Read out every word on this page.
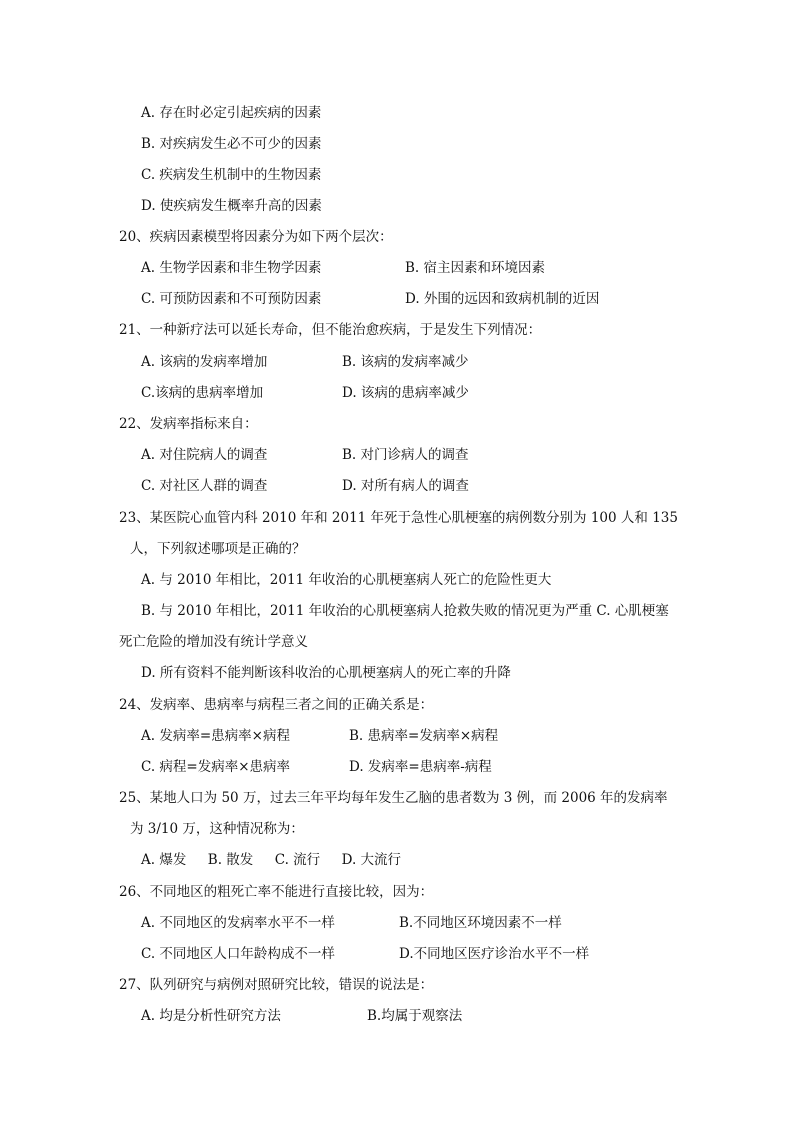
A. 存在时必定引起疾病的因素
B. 对疾病发生必不可少的因素
C. 疾病发生机制中的生物因素
D. 使疾病发生概率升高的因素
20、疾病因素模型将因素分为如下两个层次：
A. 生物学因素和非生物学因素	B. 宿主因素和环境因素
C. 可预防因素和不可预防因素	D. 外围的远因和致病机制的近因
21、一种新疗法可以延长寿命，但不能治愈疾病，于是发生下列情况：
A. 该病的发病率增加	B. 该病的发病率减少
C.该病的患病率增加	D. 该病的患病率减少
22、发病率指标来自：
A. 对住院病人的调查	B. 对门诊病人的调查
C. 对社区人群的调查	D. 对所有病人的调查
23、某医院心血管内科 2010 年和 2011 年死于急性心肌梗塞的病例数分别为 100 人和 135
人，下列叙述哪项是正确的？
A. 与 2010 年相比，2011 年收治的心肌梗塞病人死亡的危险性更大
B. 与 2010 年相比，2011 年收治的心肌梗塞病人抢救失败的情况更为严重 C. 心肌梗塞
死亡危险的增加没有统计学意义
D. 所有资料不能判断该科收治的心肌梗塞病人的死亡率的升降
24、发病率、患病率与病程三者之间的正确关系是：
A. 发病率=患病率×病程	B. 患病率=发病率×病程
C. 病程=发病率×患病率	D. 发病率=患病率-病程
25、某地人口为 50 万，过去三年平均每年发生乙脑的患者数为 3 例，而 2006 年的发病率
为 3/10 万，这种情况称为：
A. 爆发     B. 散发     C. 流行     D. 大流行
26、不同地区的粗死亡率不能进行直接比较，因为：
A. 不同地区的发病率水平不一样	B.不同地区环境因素不一样
C. 不同地区人口年龄构成不一样	D.不同地区医疗诊治水平不一样
27、队列研究与病例对照研究比较，错误的说法是：
A. 均是分析性研究方法	B.均属于观察法
